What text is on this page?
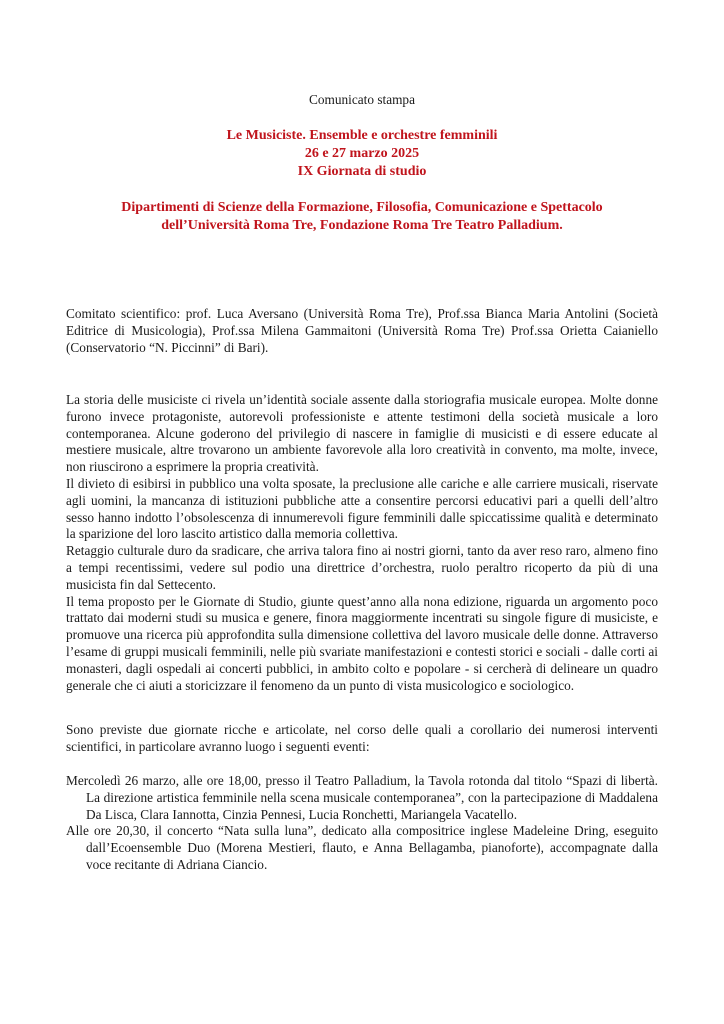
Comunicato stampa
Le Musiciste. Ensemble e orchestre femminili
26 e 27 marzo 2025
IX Giornata di studio
Dipartimenti di Scienze della Formazione, Filosofia, Comunicazione e Spettacolo
dell’Università Roma Tre, Fondazione Roma Tre Teatro Palladium.

Comitato scientifico: prof. Luca Aversano (Università Roma Tre), Prof.ssa Bianca Maria Antolini (Società Editrice di Musicologia), Prof.ssa Milena Gammaitoni (Università Roma Tre) Prof.ssa Orietta Caianiello (Conservatorio “N. Piccinni” di Bari).

La storia delle musiciste ci rivela un’identità sociale assente dalla storiografia musicale europea. Molte donne furono invece protagoniste, autorevoli professioniste e attente testimoni della società musicale a loro contemporanea. Alcune goderono del privilegio di nascere in famiglie di musicisti e di essere educate al mestiere musicale, altre trovarono un ambiente favorevole alla loro creatività in convento, ma molte, invece, non riuscirono a esprimere la propria creatività.

Il divieto di esibirsi in pubblico una volta sposate, la preclusione alle cariche e alle carriere musicali, riservate agli uomini, la mancanza di istituzioni pubbliche atte a consentire percorsi educativi pari a quelli dell’altro sesso hanno indotto l’obsolescenza di innumerevoli figure femminili dalle spiccatissime qualità e determinato la sparizione del loro lascito artistico dalla memoria collettiva.

Retaggio culturale duro da sradicare, che arriva talora fino ai nostri giorni, tanto da aver reso raro, almeno fino a tempi recentissimi, vedere sul podio una direttrice d’orchestra, ruolo peraltro ricoperto da più di una musicista fin dal Settecento.

Il tema proposto per le Giornate di Studio, giunte quest’anno alla nona edizione, riguarda un argomento poco trattato dai moderni studi su musica e genere, finora maggiormente incentrati su singole figure di musiciste, e promuove una ricerca più approfondita sulla dimensione collettiva del lavoro musicale delle donne. Attraverso l’esame di gruppi musicali femminili, nelle più svariate manifestazioni e contesti storici e sociali - dalle corti ai monasteri, dagli ospedali ai concerti pubblici, in ambito colto e popolare - si cercherà di delineare un quadro generale che ci aiuti a storicizzare il fenomeno da un punto di vista musicologico e sociologico.

Sono previste due giornate ricche e articolate, nel corso delle quali a corollario dei numerosi interventi scientifici, in particolare avranno luogo i seguenti eventi:

Mercoledì 26 marzo, alle ore 18,00, presso il Teatro Palladium, la Tavola rotonda dal titolo “Spazi di libertà. La direzione artistica femminile nella scena musicale contemporanea”, con la partecipazione di Maddalena Da Lisca, Clara Iannotta, Cinzia Pennesi, Lucia Ronchetti, Mariangela Vacatello.

Alle ore 20,30, il concerto “Nata sulla luna”, dedicato alla compositrice inglese Madeleine Dring, eseguito dall’Ecoensemble Duo (Morena Mestieri, flauto, e Anna Bellagamba, pianoforte), accompagnate dalla voce recitante di Adriana Ciancio.
